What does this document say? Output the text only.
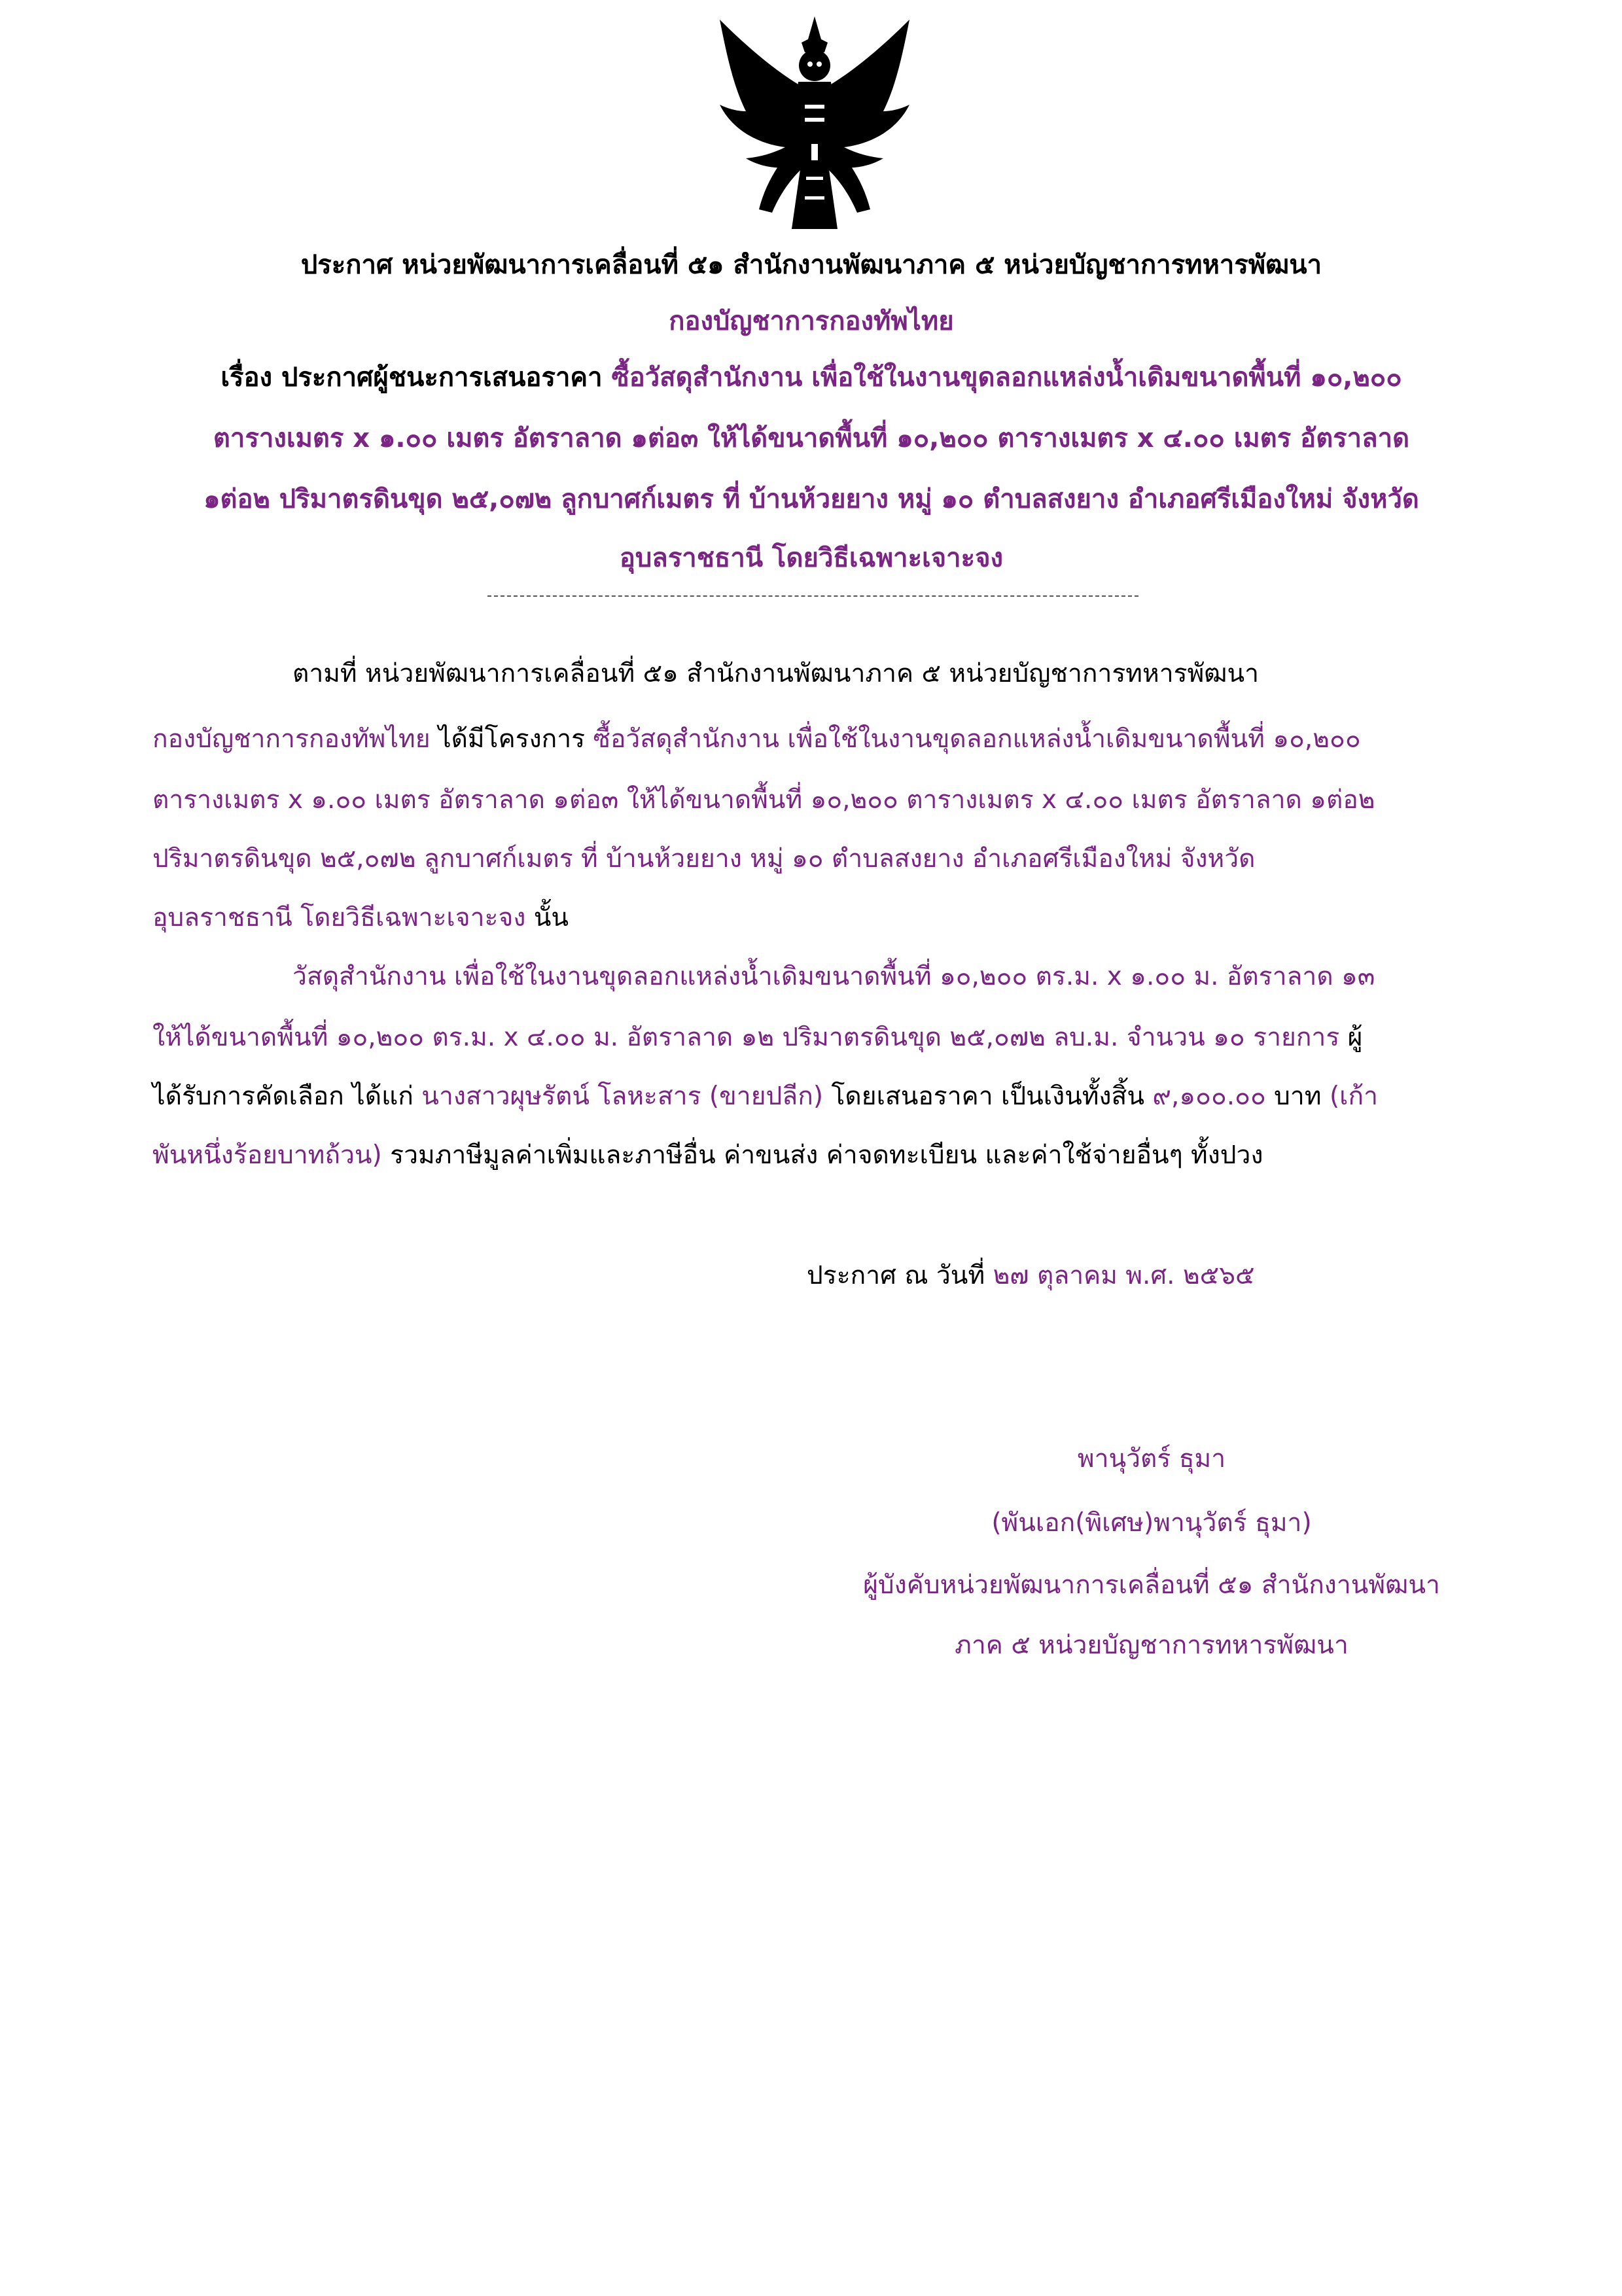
ประกาศ หน่วยพัฒนาการเคลื่อนที่ ๕๑ สำนักงานพัฒนาภาค ๕ หน่วยบัญชาการทหารพัฒนา
กองบัญชาการกองทัพไทย
เรื่อง ประกาศผู้ชนะการเสนอราคา ซื้อวัสดุสำนักงาน เพื่อใช้ในงานขุดลอกแหล่งน้ำเดิมขนาดพื้นที่ ๑๐,๒๐๐
ตารางเมตร x ๑.๐๐ เมตร อัตราลาด ๑ต่อ๓ ให้ได้ขนาดพื้นที่ ๑๐,๒๐๐ ตารางเมตร x ๔.๐๐ เมตร อัตราลาด
๑ต่อ๒ ปริมาตรดินขุด ๒๕,๐๗๒ ลูกบาศก์เมตร ที่ บ้านห้วยยาง หมู่ ๑๐ ตำบลสงยาง อำเภอศรีเมืองใหม่ จังหวัด
อุบลราชธานี โดยวิธีเฉพาะเจาะจง
ตามที่ หน่วยพัฒนาการเคลื่อนที่ ๕๑ สำนักงานพัฒนาภาค ๕ หน่วยบัญชาการทหารพัฒนา
กองบัญชาการกองทัพไทย ได้มีโครงการ ซื้อวัสดุสำนักงาน เพื่อใช้ในงานขุดลอกแหล่งน้ำเดิมขนาดพื้นที่ ๑๐,๒๐๐
ตารางเมตร x ๑.๐๐ เมตร อัตราลาด ๑ต่อ๓ ให้ได้ขนาดพื้นที่ ๑๐,๒๐๐ ตารางเมตร x ๔.๐๐ เมตร อัตราลาด ๑ต่อ๒
ปริมาตรดินขุด ๒๕,๐๗๒ ลูกบาศก์เมตร ที่ บ้านห้วยยาง หมู่ ๑๐ ตำบลสงยาง อำเภอศรีเมืองใหม่ จังหวัด
อุบลราชธานี โดยวิธีเฉพาะเจาะจง นั้น
วัสดุสำนักงาน เพื่อใช้ในงานขุดลอกแหล่งน้ำเดิมขนาดพื้นที่ ๑๐,๒๐๐ ตร.ม. x ๑.๐๐ ม. อัตราลาด ๑๓
ให้ได้ขนาดพื้นที่ ๑๐,๒๐๐ ตร.ม. x ๔.๐๐ ม. อัตราลาด ๑๒ ปริมาตรดินขุด ๒๕,๐๗๒ ลบ.ม. จำนวน ๑๐ รายการ ผู้
ได้รับการคัดเลือก ได้แก่ นางสาวผุษรัตน์ โลหะสาร (ขายปลีก) โดยเสนอราคา เป็นเงินทั้งสิ้น ๙,๑๐๐.๐๐ บาท (เก้า
พันหนึ่งร้อยบาทถ้วน) รวมภาษีมูลค่าเพิ่มและภาษีอื่น ค่าขนส่ง ค่าจดทะเบียน และค่าใช้จ่ายอื่นๆ ทั้งปวง
ประกาศ ณ วันที่ ๒๗ ตุลาคม พ.ศ. ๒๕๖๕
พานุวัตร์ ธุมา
(พันเอก(พิเศษ)พานุวัตร์ ธุมา)
ผู้บังคับหน่วยพัฒนาการเคลื่อนที่ ๕๑ สำนักงานพัฒนา
ภาค ๕ หน่วยบัญชาการทหารพัฒนา
